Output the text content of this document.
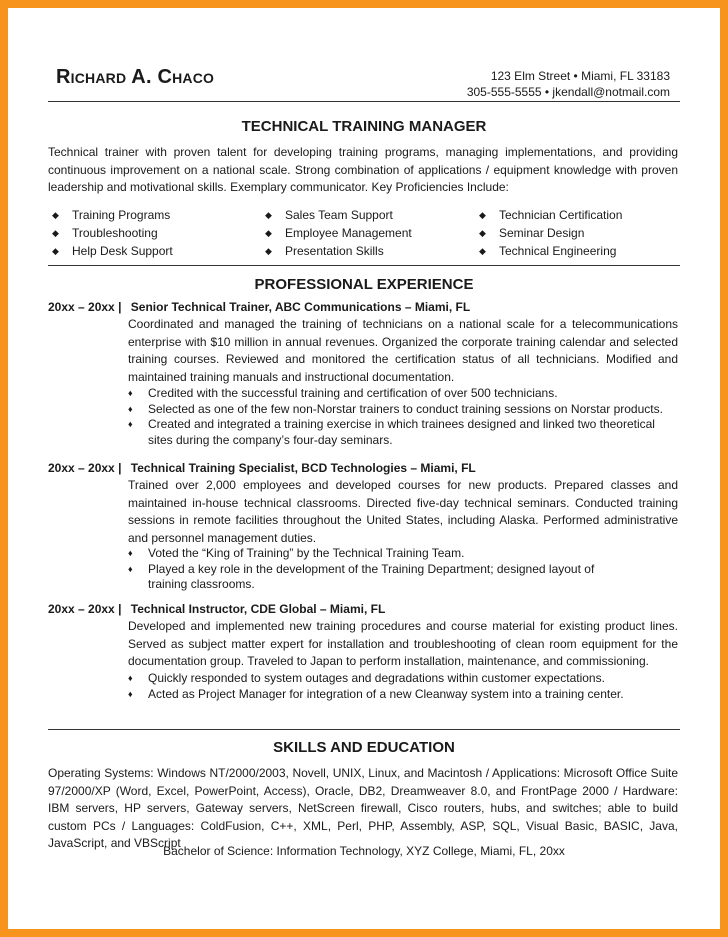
Richard A. Chaco	123 Elm Street • Miami, FL 33183
305-555-5555 • jkendall@notmail.com
TECHNICAL TRAINING MANAGER
Technical trainer with proven talent for developing training programs, managing implementations, and providing continuous improvement on a national scale. Strong combination of applications / equipment knowledge with proven leadership and motivational skills. Exemplary communicator. Key Proficiencies Include:
◆ Training Programs
◆ Troubleshooting
◆ Help Desk Support
◆ Sales Team Support
◆ Employee Management
◆ Presentation Skills
◆ Technician Certification
◆ Seminar Design
◆ Technical Engineering
PROFESSIONAL EXPERIENCE
20xx – 20xx | Senior Technical Trainer, ABC Communications – Miami, FL
Coordinated and managed the training of technicians on a national scale for a telecommunications enterprise with $10 million in annual revenues. Organized the corporate training calendar and selected training courses. Reviewed and monitored the certification status of all technicians. Modified and maintained training manuals and instructional documentation.
♦ Credited with the successful training and certification of over 500 technicians.
♦ Selected as one of the few non-Norstar trainers to conduct training sessions on Norstar products.
♦ Created and integrated a training exercise in which trainees designed and linked two theoretical sites during the company’s four-day seminars.
20xx – 20xx | Technical Training Specialist, BCD Technologies – Miami, FL
Trained over 2,000 employees and developed courses for new products. Prepared classes and maintained in-house technical classrooms. Directed five-day technical seminars. Conducted training sessions in remote facilities throughout the United States, including Alaska. Performed administrative and personnel management duties.
♦ Voted the “King of Training” by the Technical Training Team.
♦ Played a key role in the development of the Training Department; designed layout of training classrooms.
20xx – 20xx | Technical Instructor, CDE Global – Miami, FL
Developed and implemented new training procedures and course material for existing product lines. Served as subject matter expert for installation and troubleshooting of clean room equipment for the documentation group. Traveled to Japan to perform installation, maintenance, and commissioning.
♦ Quickly responded to system outages and degradations within customer expectations.
♦ Acted as Project Manager for integration of a new Cleanway system into a training center.
SKILLS AND EDUCATION
Operating Systems: Windows NT/2000/2003, Novell, UNIX, Linux, and Macintosh / Applications: Microsoft Office Suite 97/2000/XP (Word, Excel, PowerPoint, Access), Oracle, DB2, Dreamweaver 8.0, and FrontPage 2000 / Hardware: IBM servers, HP servers, Gateway servers, NetScreen firewall, Cisco routers, hubs, and switches; able to build custom PCs / Languages: ColdFusion, C++, XML, Perl, PHP, Assembly, ASP, SQL, Visual Basic, BASIC, Java, JavaScript, and VBScript
Bachelor of Science: Information Technology, XYZ College, Miami, FL, 20xx
